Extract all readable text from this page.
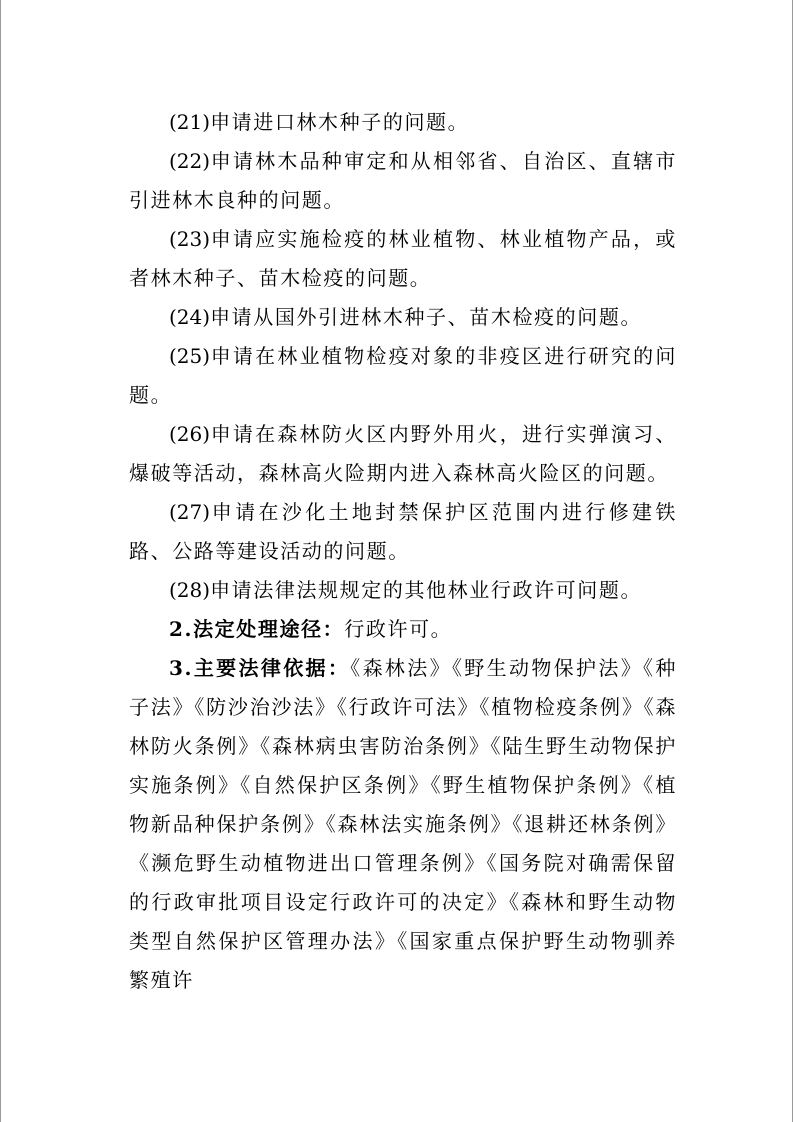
(21)申请进口林木种子的问题。

(22)申请林木品种审定和从相邻省、自治区、直辖市引进林木良种的问题。

(23)申请应实施检疫的林业植物、林业植物产品，或者林木种子、苗木检疫的问题。

(24)申请从国外引进林木种子、苗木检疫的问题。

(25)申请在林业植物检疫对象的非疫区进行研究的问题。

(26)申请在森林防火区内野外用火，进行实弹演习、爆破等活动，森林高火险期内进入森林高火险区的问题。

(27)申请在沙化土地封禁保护区范围内进行修建铁路、公路等建设活动的问题。

(28)申请法律法规规定的其他林业行政许可问题。

2.法定处理途径：行政许可。

3.主要法律依据：《森林法》《野生动物保护法》《种子法》《防沙治沙法》《行政许可法》《植物检疫条例》《森林防火条例》《森林病虫害防治条例》《陆生野生动物保护实施条例》《自然保护区条例》《野生植物保护条例》《植物新品种保护条例》《森林法实施条例》《退耕还林条例》《濒危野生动植物进出口管理条例》《国务院对确需保留的行政审批项目设定行政许可的决定》《森林和野生动物类型自然保护区管理办法》《国家重点保护野生动物驯养繁殖许
